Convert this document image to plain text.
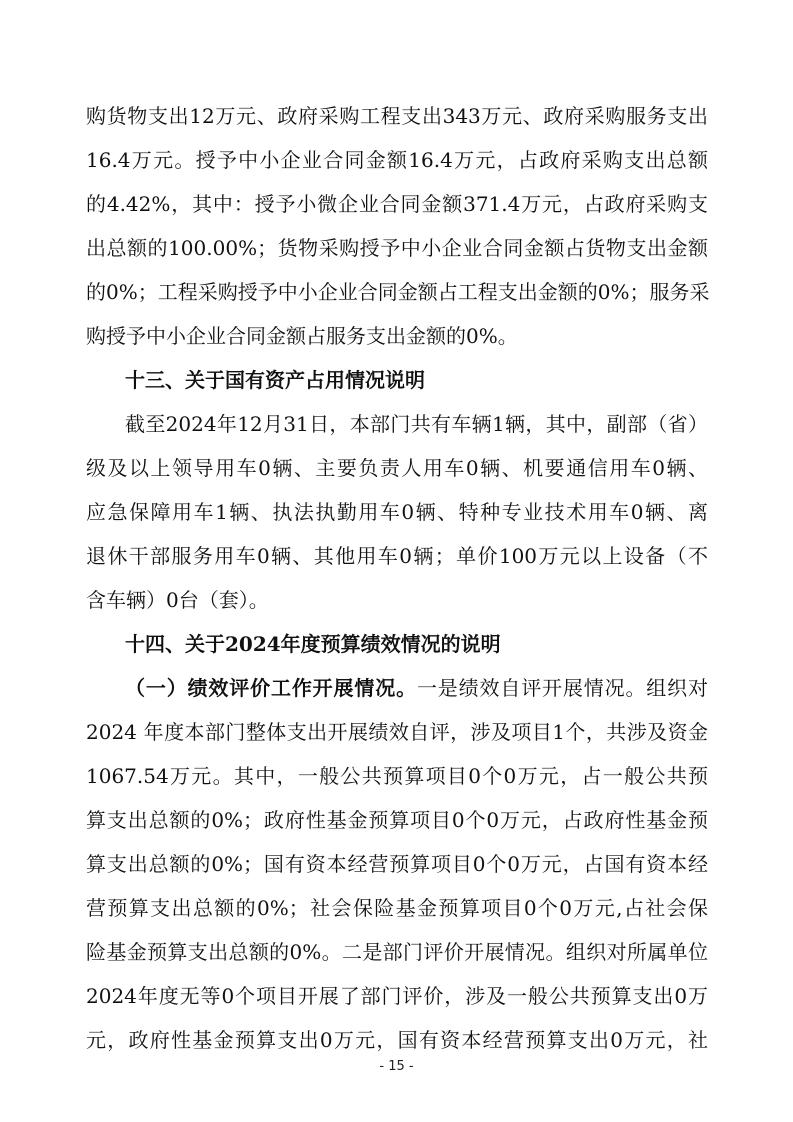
购货物支出12万元、政府采购工程支出343万元、政府采购服务支出
16.4万元。授予中小企业合同金额16.4万元，占政府采购支出总额
的4.42%，其中：授予小微企业合同金额371.4万元，占政府采购支
出总额的100.00%；货物采购授予中小企业合同金额占货物支出金额
的0%；工程采购授予中小企业合同金额占工程支出金额的0%；服务采
购授予中小企业合同金额占服务支出金额的0%。
十三、关于国有资产占用情况说明
截至2024年12月31日，本部门共有车辆1辆，其中，副部（省）
级及以上领导用车0辆、主要负责人用车0辆、机要通信用车0辆、
应急保障用车1辆、执法执勤用车0辆、特种专业技术用车0辆、离
退休干部服务用车0辆、其他用车0辆；单价100万元以上设备（不
含车辆）0台（套）。
十四、关于2024年度预算绩效情况的说明
（一）绩效评价工作开展情况。一是绩效自评开展情况。组织对
2024 年度本部门整体支出开展绩效自评，涉及项目1个，共涉及资金
1067.54万元。其中，一般公共预算项目0个0万元，占一般公共预
算支出总额的0%；政府性基金预算项目0个0万元，占政府性基金预
算支出总额的0%；国有资本经营预算项目0个0万元，占国有资本经
营预算支出总额的0%；社会保险基金预算项目0个0万元,占社会保
险基金预算支出总额的0%。二是部门评价开展情况。组织对所属单位
2024年度无等0个项目开展了部门评价，涉及一般公共预算支出0万
元，政府性基金预算支出0万元，国有资本经营预算支出0万元，社
- 15 -
